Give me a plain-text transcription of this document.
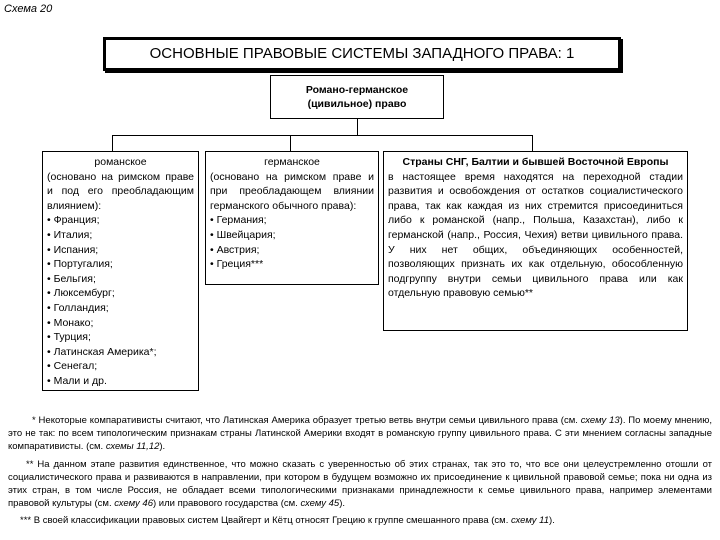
Схема 20
ОСНОВНЫЕ ПРАВОВЫЕ СИСТЕМЫ ЗАПАДНОГО ПРАВА: 1
Романо-германское
(цивильное) право
романское
(основано на римском праве и под его преобладающим влиянием):
• Франция;
• Италия;
• Испания;
• Португалия;
• Бельгия;
• Люксембург;
• Голландия;
• Монако;
• Турция;
• Латинская Америка*;
• Сенегал;
• Мали и др.
германское
(основано на римском праве и при преобладающем влиянии германского обычного права):
• Германия;
• Швейцария;
• Австрия;
• Греция***
Страны СНГ, Балтии и бывшей Восточной Европы
в настоящее время находятся на переходной стадии развития и освобождения от остатков социалистического права, так как каждая из них стремится присоединиться либо к романской (напр., Польша, Казахстан), либо к германской (напр., Россия, Чехия) ветви цивильного права. У них нет общих, объединяющих особенностей, позволяющих признать их как отдельную, обособленную подгруппу внутри семьи цивильного права или как отдельную правовую семью**
* Некоторые компаративисты считают, что Латинская Америка образует третью ветвь внутри семьи цивильного права (см. схему 13). По моему мнению, это не так: по всем типологическим признакам страны Латинской Америки входят в романскую группу цивильного права. С эти мнением согласны западные компаративисты. (см. схемы 11,12).
** На данном этапе развития единственное, что можно сказать с уверенностью об этих странах, так это то, что все они целеустремленно отошли от социалистического права и развиваются в направлении, при котором в будущем возможно их присоединение к цивильной правовой семье; пока ни одна из этих стран, в том числе Россия, не обладает всеми типологическими признаками принадлежности к семье цивильного права, например элементами правовой культуры (см. схему 46) или правового государства (см. схему 45).
*** В своей классификации правовых систем Цвайгерт и Кётц относят Грецию к группе смешанного права (см. схему 11).
